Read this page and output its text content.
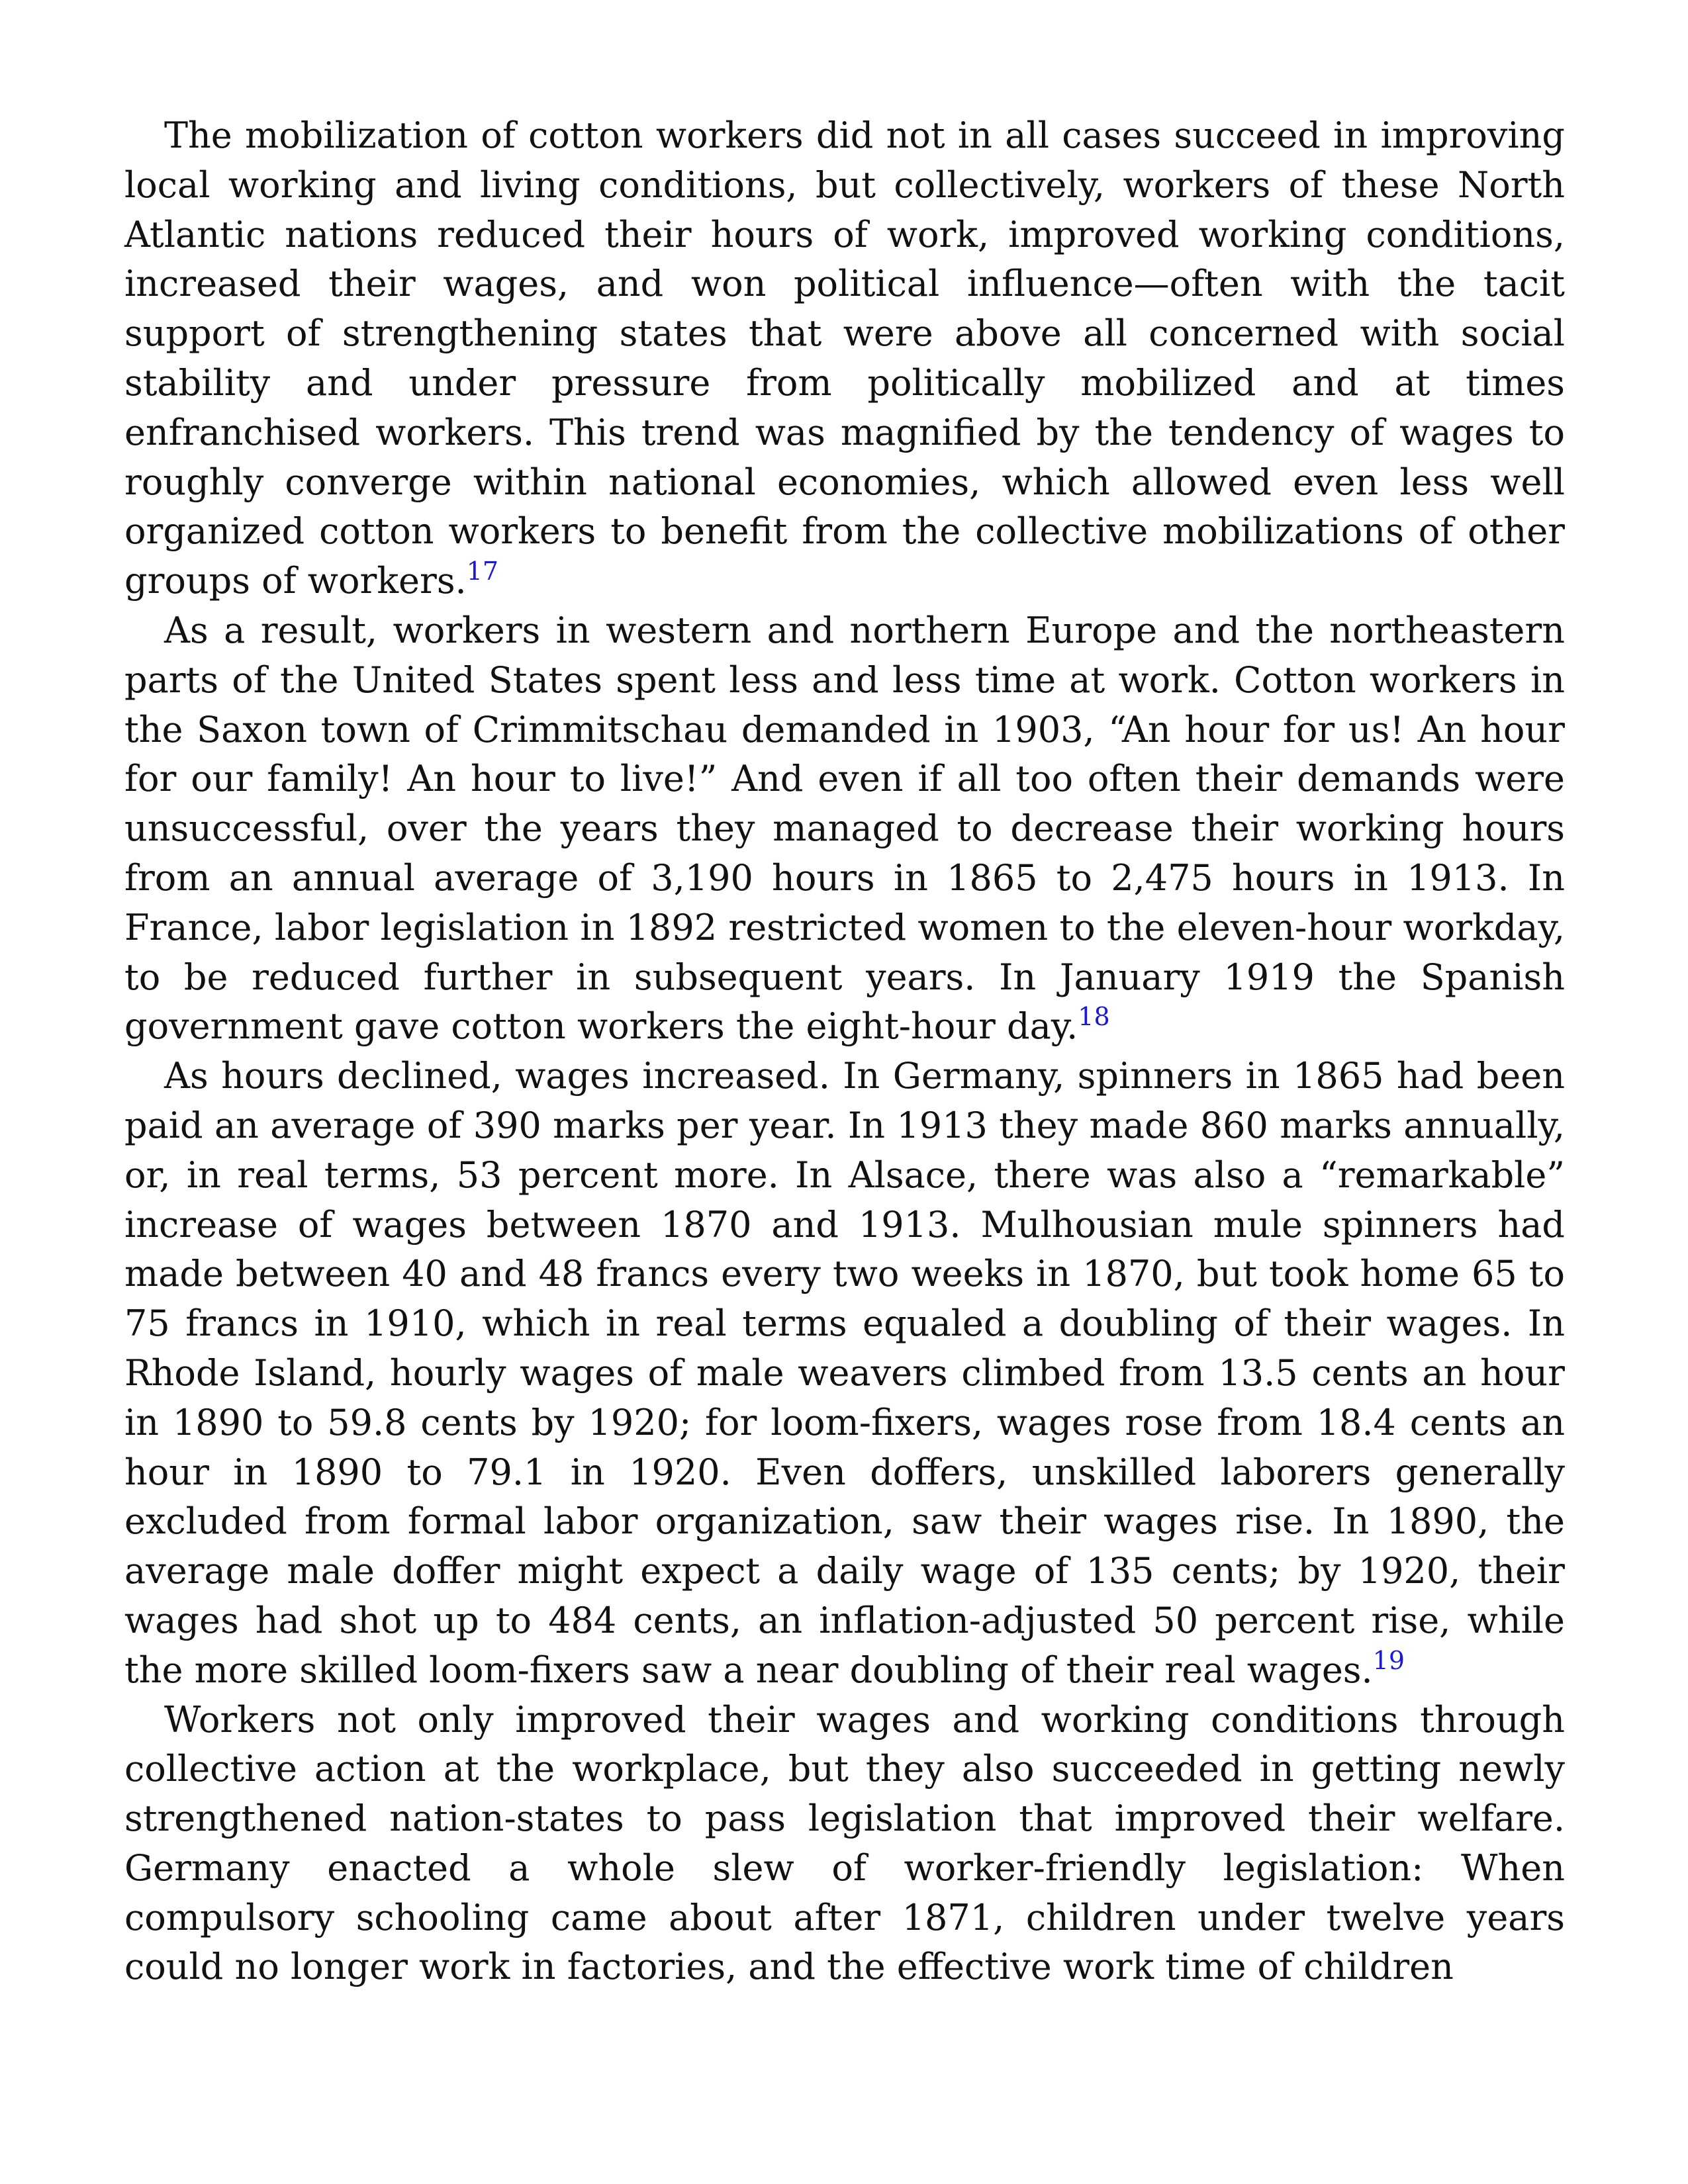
The mobilization of cotton workers did not in all cases succeed in improving local working and living conditions, but collectively, workers of these North Atlantic nations reduced their hours of work, improved working conditions, increased their wages, and won political influence—often with the tacit support of strengthening states that were above all concerned with social stability and under pressure from politically mobilized and at times enfranchised workers. This trend was magnified by the tendency of wages to roughly converge within national economies, which allowed even less well organized cotton workers to benefit from the collective mobilizations of other groups of workers.$^{17}$

As a result, workers in western and northern Europe and the northeastern parts of the United States spent less and less time at work. Cotton workers in the Saxon town of Crimmitschau demanded in 1903, “An hour for us! An hour for our family! An hour to live!” And even if all too often their demands were unsuccessful, over the years they managed to decrease their working hours from an annual average of 3,190 hours in 1865 to 2,475 hours in 1913. In France, labor legislation in 1892 restricted women to the eleven-hour workday, to be reduced further in subsequent years. In January 1919 the Spanish government gave cotton workers the eight-hour day.$^{18}$

As hours declined, wages increased. In Germany, spinners in 1865 had been paid an average of 390 marks per year. In 1913 they made 860 marks annually, or, in real terms, 53 percent more. In Alsace, there was also a “remarkable” increase of wages between 1870 and 1913. Mulhousian mule spinners had made between 40 and 48 francs every two weeks in 1870, but took home 65 to 75 francs in 1910, which in real terms equaled a doubling of their wages. In Rhode Island, hourly wages of male weavers climbed from 13.5 cents an hour in 1890 to 59.8 cents by 1920; for loom-fixers, wages rose from 18.4 cents an hour in 1890 to 79.1 in 1920. Even doffers, unskilled laborers generally excluded from formal labor organization, saw their wages rise. In 1890, the average male doffer might expect a daily wage of 135 cents; by 1920, their wages had shot up to 484 cents, an inflation-adjusted 50 percent rise, while the more skilled loom-fixers saw a near doubling of their real wages.$^{19}$

Workers not only improved their wages and working conditions through collective action at the workplace, but they also succeeded in getting newly strengthened nation-states to pass legislation that improved their welfare. Germany enacted a whole slew of worker-friendly legislation: When compulsory schooling came about after 1871, children under twelve years could no longer work in factories, and the effective work time of children
